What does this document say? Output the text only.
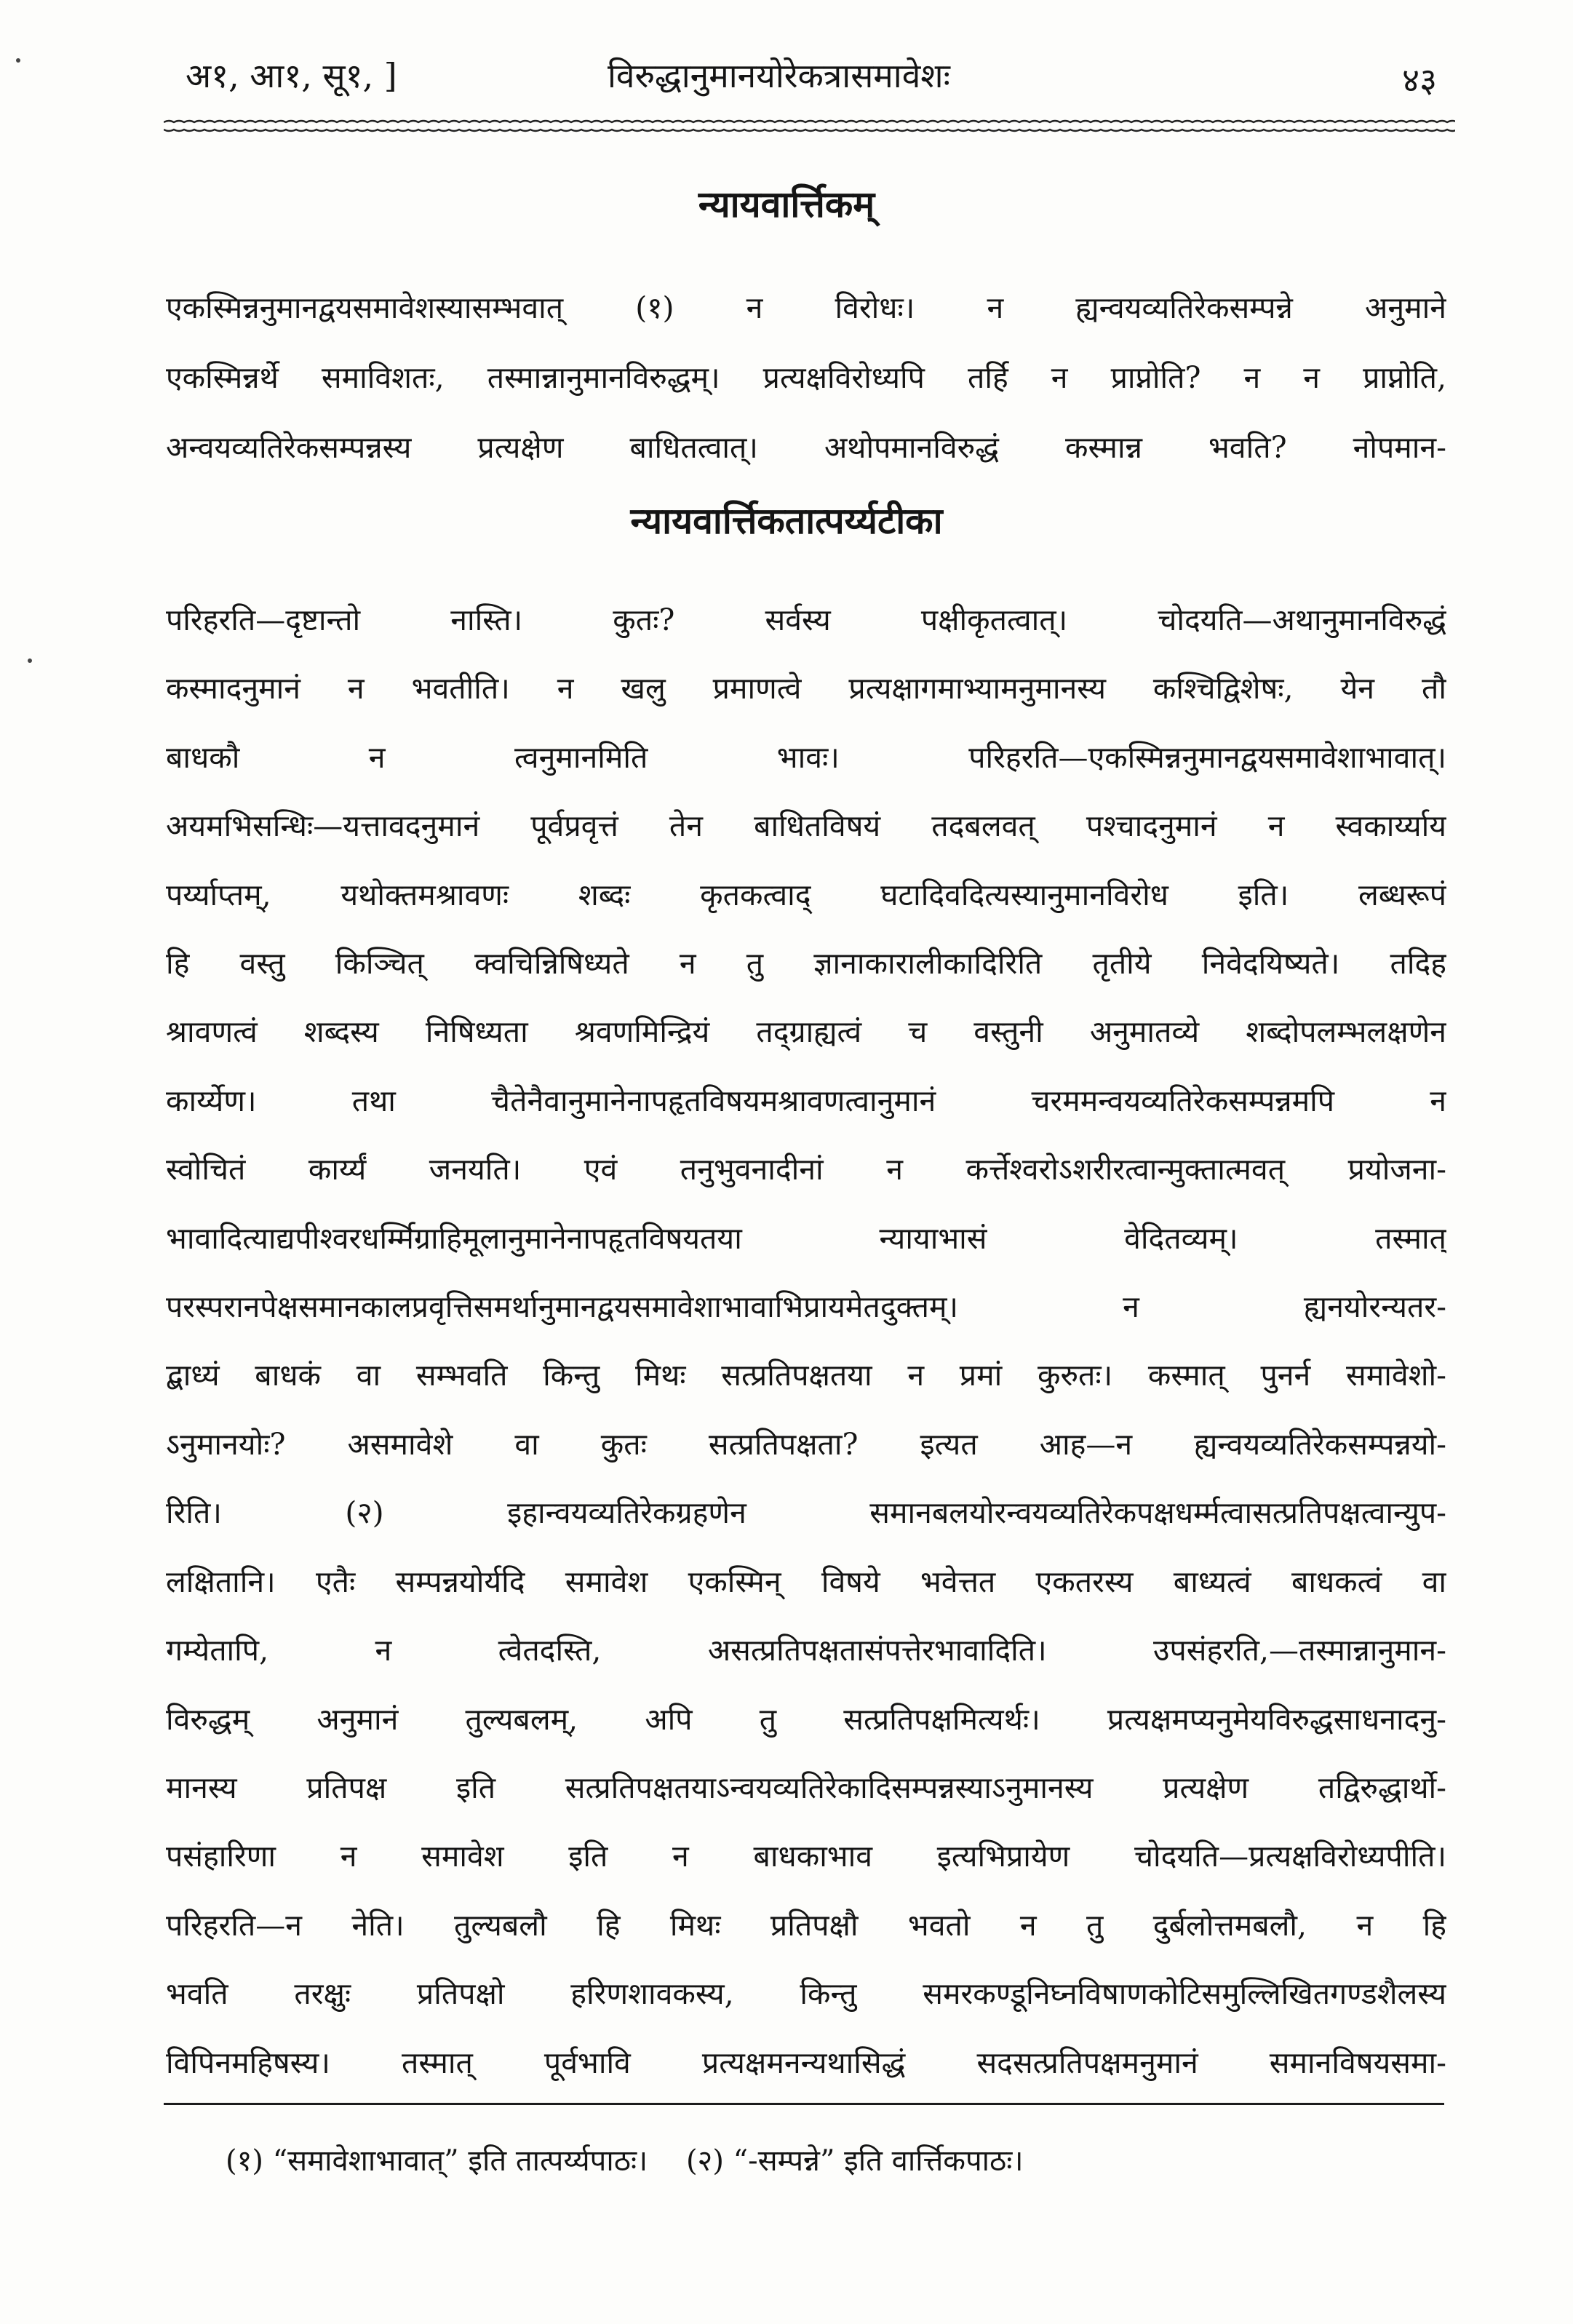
अ१, आ१, सू१, ]	विरुद्धानुमानयोरेकत्रासमावेशः	४३
न्यायवार्त्तिकम्
एकस्मिन्ननुमानद्वयसमावेशस्यासम्भवात् (१) न विरोधः। न ह्यन्वयव्यतिरेकसम्पन्ने अनुमाने
एकस्मिन्नर्थे समाविशतः, तस्मान्नानुमानविरुद्धम्। प्रत्यक्षविरोध्यपि तर्हि न प्राप्नोति? न न प्राप्नोति,
अन्वयव्यतिरेकसम्पन्नस्य प्रत्यक्षेण बाधितत्वात्। अथोपमानविरुद्धं कस्मान्न भवति? नोपमान-
न्यायवार्त्तिकतात्पर्य्यटीका
परिहरति—दृष्टान्तो नास्ति। कुतः? सर्वस्य पक्षीकृतत्वात्। चोदयति—अथानुमानविरुद्धं
कस्मादनुमानं न भवतीति। न खलु प्रमाणत्वे प्रत्यक्षागमाभ्यामनुमानस्य कश्चिद्विशेषः, येन तौ
बाधकौ न त्वनुमानमिति भावः। परिहरति—एकस्मिन्ननुमानद्वयसमावेशाभावात्।
अयमभिसन्धिः—यत्तावदनुमानं पूर्वप्रवृत्तं तेन बाधितविषयं तदबलवत् पश्चादनुमानं न स्वकार्य्याय
पर्य्याप्तम्, यथोक्तमश्रावणः शब्दः कृतकत्वाद् घटादिवदित्यस्यानुमानविरोध इति। लब्धरूपं
हि वस्तु किञ्चित् क्वचिन्निषिध्यते न तु ज्ञानाकारालीकादिरिति तृतीये निवेदयिष्यते। तदिह
श्रावणत्वं शब्दस्य निषिध्यता श्रवणमिन्द्रियं तद्ग्राह्यत्वं च वस्तुनी अनुमातव्ये शब्दोपलम्भलक्षणेन
कार्य्येण। तथा चैतेनैवानुमानेनापहृतविषयमश्रावणत्वानुमानं चरममन्वयव्यतिरेकसम्पन्नमपि न
स्वोचितं कार्य्यं जनयति। एवं तनुभुवनादीनां न कर्त्तेश्वरोऽशरीरत्वान्मुक्तात्मवत् प्रयोजना-
भावादित्याद्यपीश्वरधर्म्मिग्राहिमूलानुमानेनापहृतविषयतया न्यायाभासं वेदितव्यम्। तस्मात्
परस्परानपेक्षसमानकालप्रवृत्तिसमर्थानुमानद्वयसमावेशाभावाभिप्रायमेतदुक्तम्। न ह्यनयोरन्यतर-
द्बाध्यं बाधकं वा सम्भवति किन्तु मिथः सत्प्रतिपक्षतया न प्रमां कुरुतः। कस्मात् पुनर्न समावेशो-
ऽनुमानयोः? असमावेशे वा कुतः सत्प्रतिपक्षता? इत्यत आह—न ह्यन्वयव्यतिरेकसम्पन्नयो-
रिति। (२) इहान्वयव्यतिरेकग्रहणेन समानबलयोरन्वयव्यतिरेकपक्षधर्म्मत्वासत्प्रतिपक्षत्वान्युप-
लक्षितानि। एतैः सम्पन्नयोर्यदि समावेश एकस्मिन् विषये भवेत्तत एकतरस्य बाध्यत्वं बाधकत्वं वा
गम्येतापि, न त्वेतदस्ति, असत्प्रतिपक्षतासंपत्तेरभावादिति। उपसंहरति,—तस्मान्नानुमान-
विरुद्धम् अनुमानं तुल्यबलम्, अपि तु सत्प्रतिपक्षमित्यर्थः। प्रत्यक्षमप्यनुमेयविरुद्धसाधनादनु-
मानस्य प्रतिपक्ष इति सत्प्रतिपक्षतयाऽन्वयव्यतिरेकादिसम्पन्नस्याऽनुमानस्य प्रत्यक्षेण तद्विरुद्धार्थो-
पसंहारिणा न समावेश इति न बाधकाभाव इत्यभिप्रायेण चोदयति—प्रत्यक्षविरोध्यपीति।
परिहरति—न नेति। तुल्यबलौ हि मिथः प्रतिपक्षौ भवतो न तु दुर्बलोत्तमबलौ, न हि
भवति तरक्षुः प्रतिपक्षो हरिणशावकस्य, किन्तु समरकण्डूनिघ्नविषाणकोटिसमुल्लिखितगण्डशैलस्य
विपिनमहिषस्य। तस्मात् पूर्वभावि प्रत्यक्षमनन्यथासिद्धं सदसत्प्रतिपक्षमनुमानं समानविषयसमा-
(१) “समावेशाभावात्” इति तात्पर्य्यपाठः। (२) “-सम्पन्ने” इति वार्त्तिकपाठः।
